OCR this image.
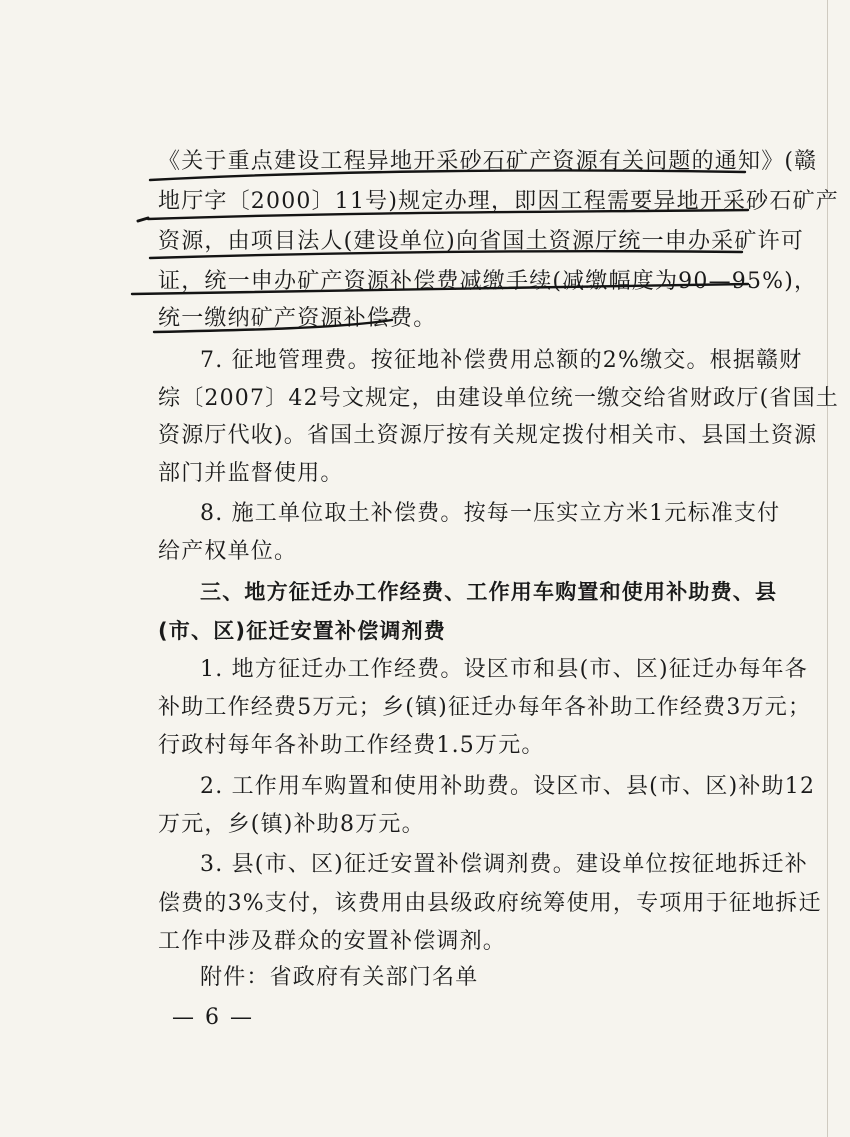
《关于重点建设工程异地开采砂石矿产资源有关问题的通知》(赣
地厅字〔2000〕11号)规定办理，即因工程需要异地开采砂石矿产
资源，由项目法人(建设单位)向省国土资源厅统一申办采矿许可
证，统一申办矿产资源补偿费减缴手续(减缴幅度为90—95%)，
统一缴纳矿产资源补偿费。
7. 征地管理费。按征地补偿费用总额的2%缴交。根据赣财
综〔2007〕42号文规定，由建设单位统一缴交给省财政厅(省国土
资源厅代收)。省国土资源厅按有关规定拨付相关市、县国土资源
部门并监督使用。
8. 施工单位取土补偿费。按每一压实立方米1元标准支付
给产权单位。
三、地方征迁办工作经费、工作用车购置和使用补助费、县
(市、区)征迁安置补偿调剂费
1. 地方征迁办工作经费。设区市和县(市、区)征迁办每年各
补助工作经费5万元；乡(镇)征迁办每年各补助工作经费3万元；
行政村每年各补助工作经费1.5万元。
2. 工作用车购置和使用补助费。设区市、县(市、区)补助12
万元，乡(镇)补助8万元。
3. 县(市、区)征迁安置补偿调剂费。建设单位按征地拆迁补
偿费的3%支付，该费用由县级政府统筹使用，专项用于征地拆迁
工作中涉及群众的安置补偿调剂。
附件：省政府有关部门名单
— 6 —
